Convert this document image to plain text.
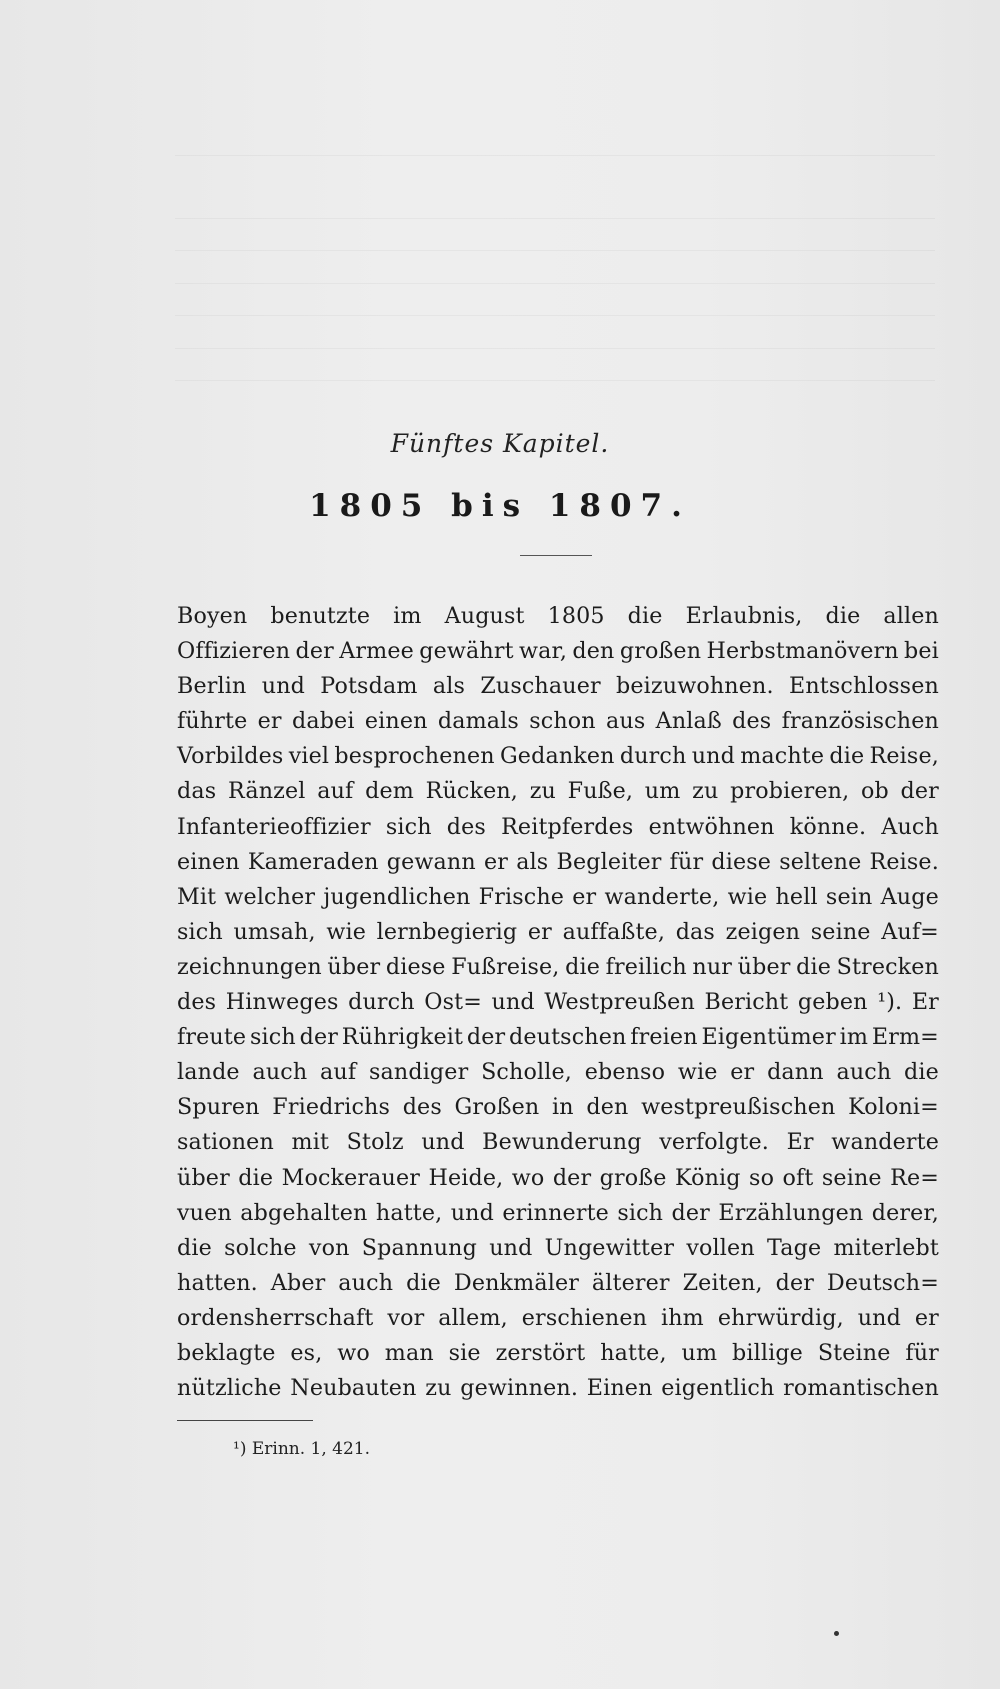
Fünftes Kapitel.
1805 bis 1807.
Boyen benutzte im August 1805 die Erlaubnis, die allen
Offizieren der Armee gewährt war, den großen Herbstmanövern bei
Berlin und Potsdam als Zuschauer beizuwohnen. Entschlossen
führte er dabei einen damals schon aus Anlaß des französischen
Vorbildes viel besprochenen Gedanken durch und machte die Reise,
das Ränzel auf dem Rücken, zu Fuße, um zu probieren, ob der
Infanterieoffizier sich des Reitpferdes entwöhnen könne. Auch
einen Kameraden gewann er als Begleiter für diese seltene Reise.
Mit welcher jugendlichen Frische er wanderte, wie hell sein Auge
sich umsah, wie lernbegierig er auffaßte, das zeigen seine Auf=
zeichnungen über diese Fußreise, die freilich nur über die Strecken
des Hinweges durch Ost= und Westpreußen Bericht geben ¹). Er
freute sich der Rührigkeit der deutschen freien Eigentümer im Erm=
lande auch auf sandiger Scholle, ebenso wie er dann auch die
Spuren Friedrichs des Großen in den westpreußischen Koloni=
sationen mit Stolz und Bewunderung verfolgte. Er wanderte
über die Mockerauer Heide, wo der große König so oft seine Re=
vuen abgehalten hatte, und erinnerte sich der Erzählungen derer,
die solche von Spannung und Ungewitter vollen Tage miterlebt
hatten. Aber auch die Denkmäler älterer Zeiten, der Deutsch=
ordensherrschaft vor allem, erschienen ihm ehrwürdig, und er
beklagte es, wo man sie zerstört hatte, um billige Steine für
nützliche Neubauten zu gewinnen. Einen eigentlich romantischen
¹) Erinn. 1, 421.
